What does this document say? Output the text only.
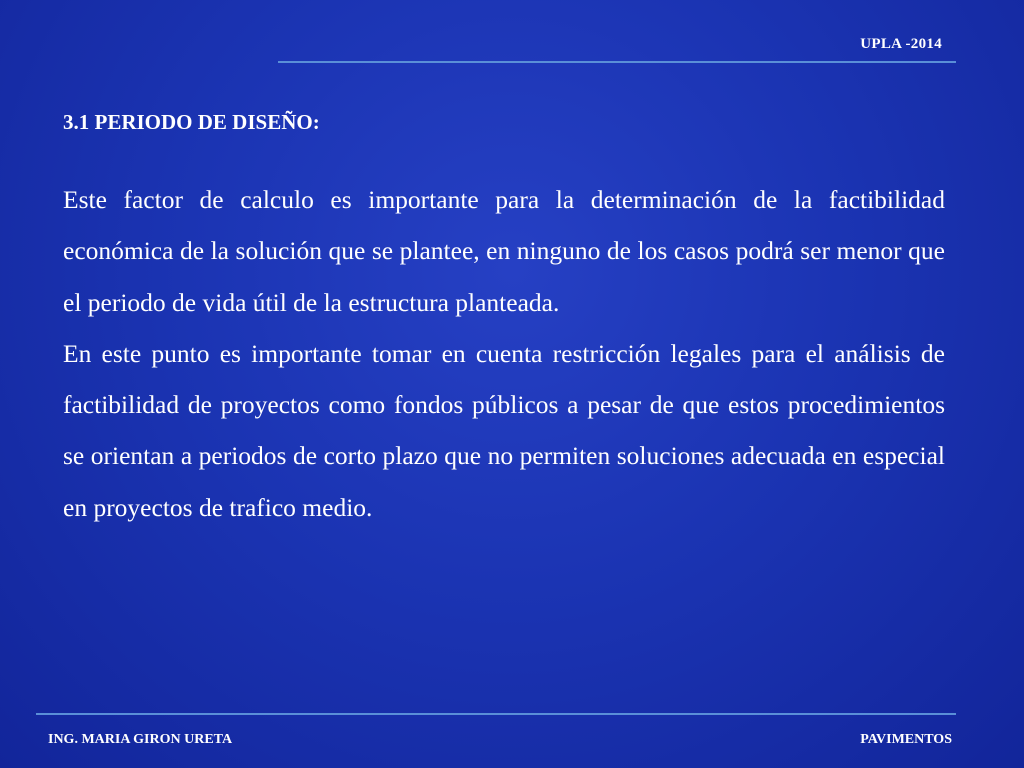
UPLA -2014
3.1 PERIODO DE DISEÑO:

Este factor de calculo es importante para la determinación de la factibilidad económica de la solución que se plantee, en ninguno de los casos podrá ser menor que el periodo de vida útil de la estructura planteada.

En este punto es importante tomar en cuenta restricción legales para el análisis de factibilidad de proyectos como fondos públicos a pesar de que estos procedimientos se orientan a periodos de corto plazo que no permiten soluciones adecuada en especial en proyectos de trafico medio.

ING. MARIA GIRON URETA	PAVIMENTOS
